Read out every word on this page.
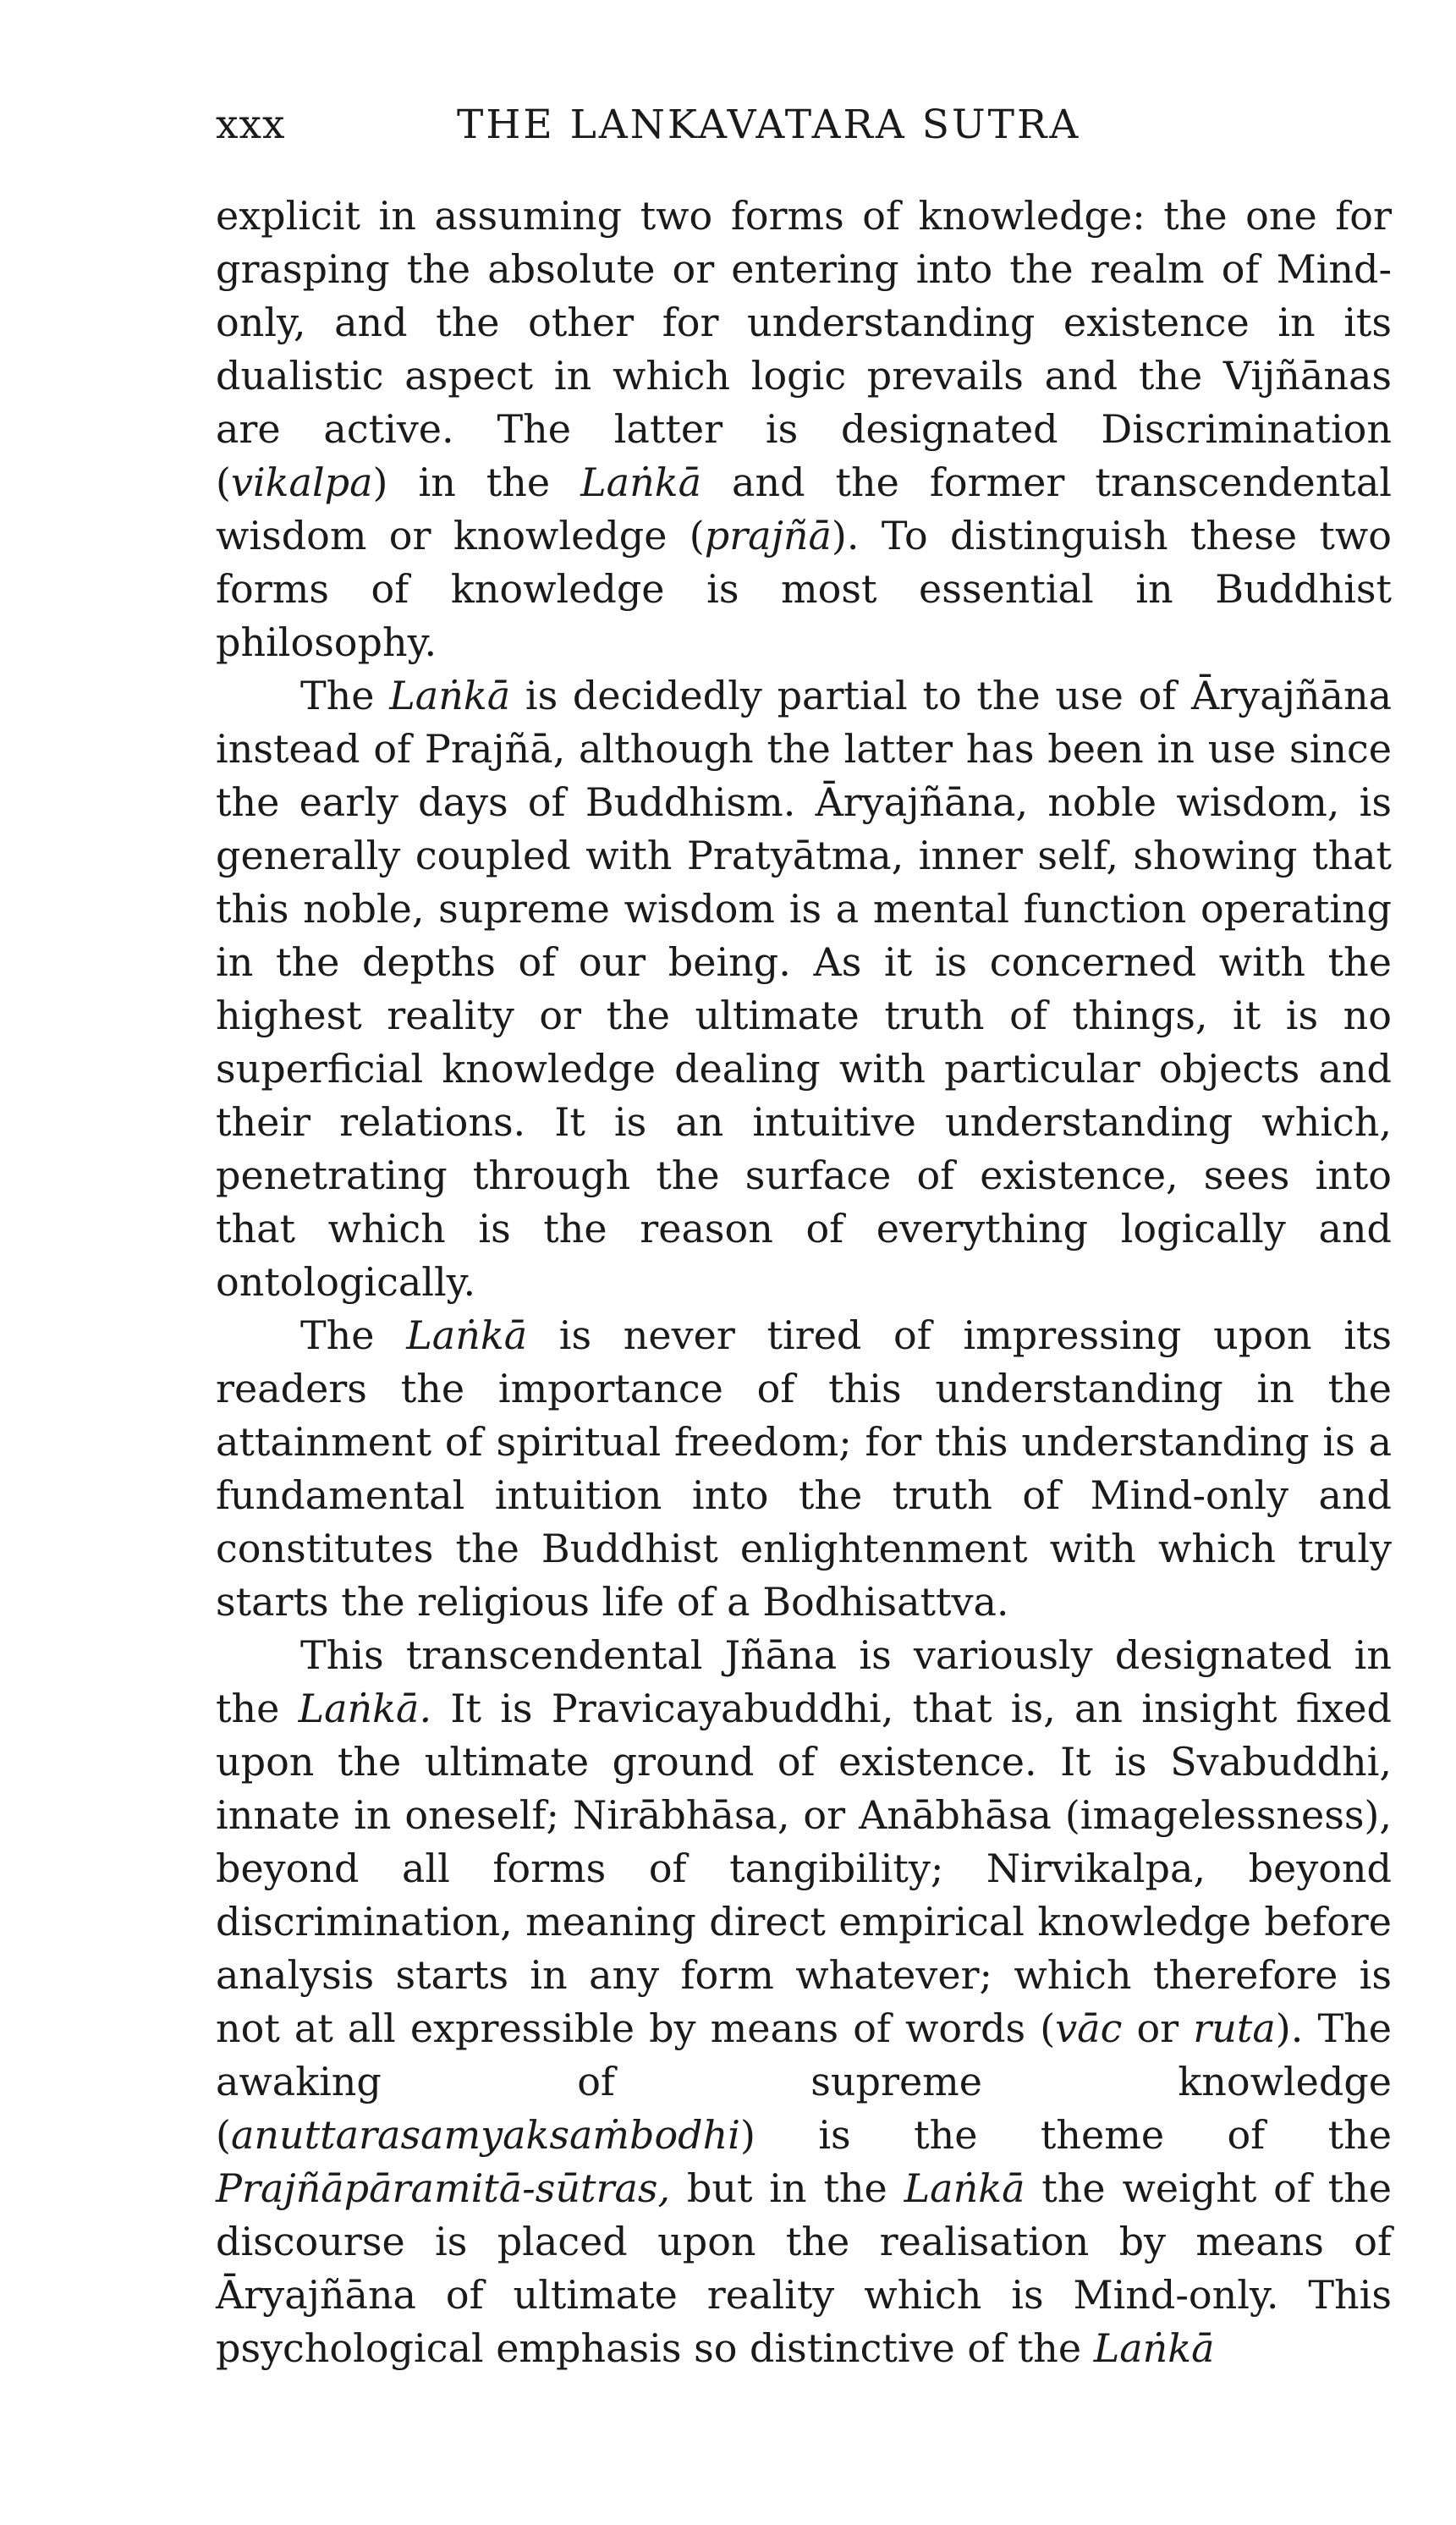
xxx	THE LANKAVATARA SUTRA

explicit in assuming two forms of knowledge: the one for grasping the absolute or entering into the realm of Mind-only, and the other for understanding existence in its dualistic aspect in which logic prevails and the Vijñānas are active. The latter is designated Discrimination (vikalpa) in the Laṅkā and the former transcendental wisdom or knowledge (prajñā). To distinguish these two forms of knowledge is most essential in Buddhist philosophy.

The Laṅkā is decidedly partial to the use of Āryajñāna instead of Prajñā, although the latter has been in use since the early days of Buddhism. Āryajñāna, noble wisdom, is generally coupled with Pratyātma, inner self, showing that this noble, supreme wisdom is a mental function operating in the depths of our being. As it is concerned with the highest reality or the ultimate truth of things, it is no superficial knowledge dealing with particular objects and their relations. It is an intuitive understanding which, penetrating through the surface of existence, sees into that which is the reason of everything logically and ontologically.

The Laṅkā is never tired of impressing upon its readers the importance of this understanding in the attainment of spiritual freedom; for this understanding is a fundamental intuition into the truth of Mind-only and constitutes the Buddhist enlightenment with which truly starts the religious life of a Bodhisattva.

This transcendental Jñāna is variously designated in the Laṅkā. It is Pravicayabuddhi, that is, an insight fixed upon the ultimate ground of existence. It is Svabuddhi, innate in oneself; Nirābhāsa, or Anābhāsa (imagelessness), beyond all forms of tangibility; Nirvikalpa, beyond discrimination, meaning direct empirical knowledge before analysis starts in any form whatever; which therefore is not at all expressible by means of words (vāc or ruta). The awaking of supreme knowledge (anuttarasamyaksaṁbodhi) is the theme of the Prajñāpāramitā-sūtras, but in the Laṅkā the weight of the discourse is placed upon the realisation by means of Āryajñāna of ultimate reality which is Mind-only. This psychological emphasis so distinctive of the Laṅkā
